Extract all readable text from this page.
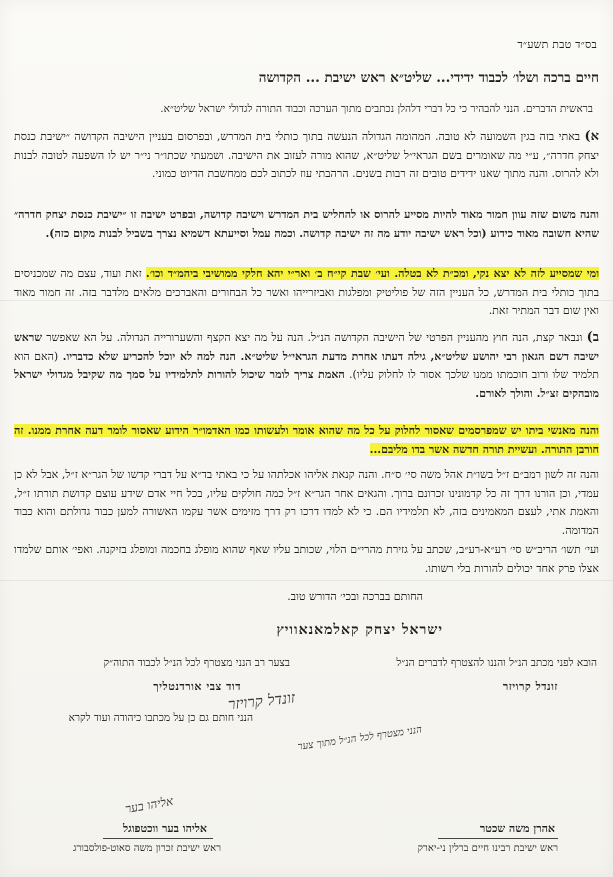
בס״ד טבת תשע״ד
חיים ברכה ושלו׳ לכבוד ידידי... שליט״א ראש ישיבת ... הקדושה
בראשית הדברים. הנני להבהיר כי כל דברי דלהלן נכתבים מתוך הערכה וכבוד התורה לגדולי ישראל שליט״א.
א) באתי בזה בגין השמועה לא טובה. המהומה הגדולה הנעשה בתוך כותלי בית המדרש, ובפרסום בעניין הישיבה הקדושה ״ישיבת כנסת יצחק חדרה״, ע״י מה שאומרים בשם הגראי״ל שליט״א, שהוא מורה לעזוב את הישיבה. ושמעתי שכתו״ר ני״ר יש לו השפעה לטובה לבנות ולא להרוס. והנה מתוך שאנו ידידים טובים זה רבות בשנים. הרהבתי עוז לכתוב לכם ממחשבת הדיוט כמוני.
והנה משום שזה עוון חמור מאוד להיות מסייע להרוס או להחליש בית המדרש וישיבה קדושה, ובפרט ישיבה זו ״ישיבת כנסת יצחק חדרה״ שהיא חשובה מאוד כידוע (וכל ראש ישיבה יודע מה זה ישיבה קדושה. וכמה עמל וסייעתא דשמיא נצרך בשביל לבנות מקום כזה).
ומי שמסייע לזה לא יצא נקי, ומכ״ת לא בטלה. ועי׳ שבת קי״ח ב׳ ואר״י יהא חלקי ממושיבי ביהמ״ד וכו׳. זאת ועוד, עצם מה שמכניסים בתוך כותלי בית המדרש, כל העניין הזה של פוליטיק ומפלגות ואביזרייהו ואשר כל הבחורים והאברכים מלאים מלדבר בזה. זה חמור מאוד ואין שום דבר המתיר זאת.
ב) ונבאר קצת, הנה חוץ מהעניין הפרטי של הישיבה הקדושה הנ״ל. הנה על מה יצא הקצף והשערורייה הגדולה. על הא שאפשר שראש ישיבה דשם הגאון רבי יהושע שליט״א, גילה דעתו אחרת מדעת הגראי״ל שליט״א. הנה למה לא יוכל להכריע שלא כדבריו. (האם הוא תלמיד שלו ורוב חוכמתו ממנו שלכך אסור לו לחלוק עליו). האמת צריך לומר שיכול להורות לתלמידיו על סמך מה שקיבל מגדולי ישראל מובהקים זצ״ל. והולך לאורם.
והנה מאנשי ביתו יש שמפרסמים שאסור לחלוק על כל מה שהוא אומר ולעשותו כמו האדמו״ר הידוע שאסור לומר דעה אחרת ממנו. זה חורבן התורה. ועשיית תורה חדשה אשר בדו מליבם...
והנה זה לשון רמב״ם ז״ל בשו״ת אהל משה סי׳ ס״ח. והנה קנאת אליהו אכלתהו על כי באתי בד״א על דברי קדשו של הגר״א ז״ל, אבל לא כן עמדי, וכן הורנו דרך זה כל קדמונינו זכרונם ברוך. והגאים אחר הגר״א ז״ל כמה חולקים עליו, בכל חיי אדם שידע עוצם קדושת תורתו ז״ל, והאמת אתי, לעצם המאמינים בזה, לא תלמידיו הם. כי לא למדו דרכו רק דרך מזימים אשר עקמו האשורה למען כבוד גדולתם והוא כבוד המדומה.
ועי׳ תשו׳ הריב״ש סי׳ רע״א-רע״ב, שכתב על גזירת מהרי״ם הלוי, שכותב עליו שאף שהוא מופלג בחכמה ומופלג בזיקנה. ואפי׳ אותם שלמדו אצלו פרק אחד יכולים להורות בלי רשותו.
החותם בברכה ובכי׳ הדורש טוב.
ישראל יצחק קאלמאנאוויץ
הובא לפני מכתב הנ״ל והננו להצטרף לדברים הנ״ל
זונדל קרויזר
בצער רב הנני מצטרף לכל הנ״ל לכבוד התוה״ק
דוד צבי אורדנטליך
זונדל קרויזר
הנני חותם גם כן על מכתבו כיהודה ועוד לקרא
הנני מצטרף לכל הנ״ל מתוך צער
אליהו בער
אהרן משה שכטר
ראש ישיבת רבינו חיים ברלין ני-יארק
אליהו בער ווכטפוגל
ראש ישיבת זכרון משה סאוט-פולסבורג
